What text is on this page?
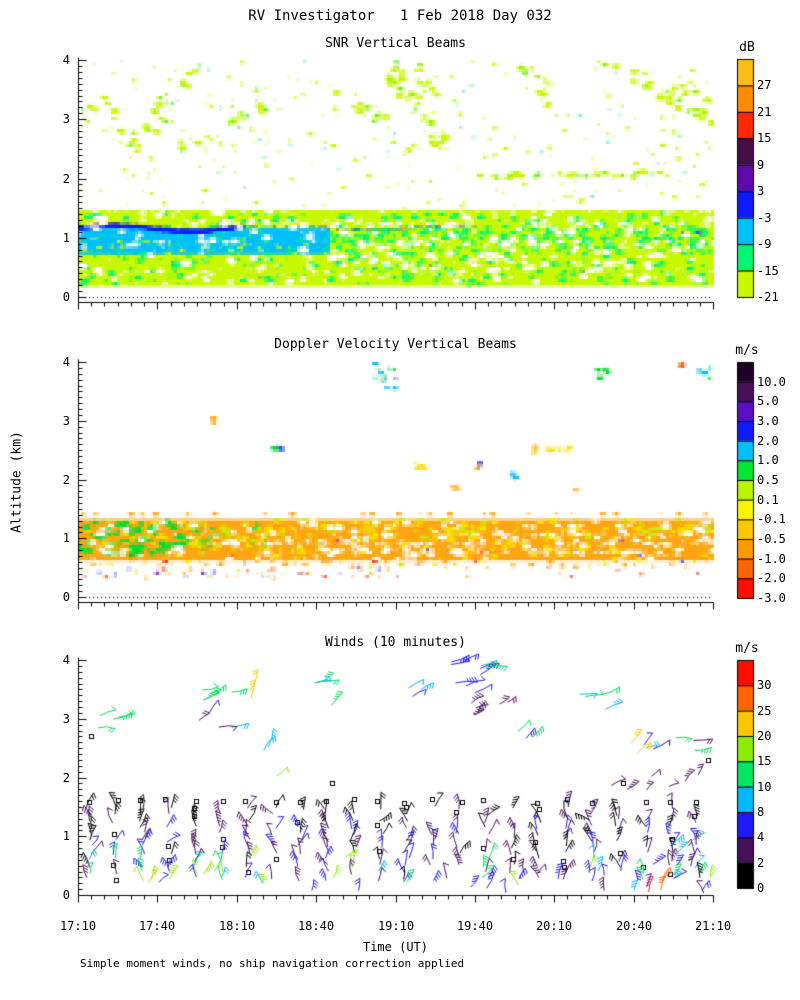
RV Investigator   1 Feb 2018 Day 032
SNR Vertical Beams	dB
Doppler Velocity Vertical Beams	m/s
Winds (10 minutes)	m/s
Altitude (km)
Time (UT)
Simple moment winds, no ship navigation correction applied
0
1
2
3
4
0
1
2
3
4
0
1
2
3
4
17:10	17:40	18:10	18:40	19:10	19:40	20:10	20:40	21:10
27
21
15
9
3
-3
-9
-15
-21
10.0
5.0
3.0
2.0
1.0
0.5
0.1
-0.1
-0.5
-1.0
-2.0
-3.0
30
25
20
15
10
8
4
2
0
